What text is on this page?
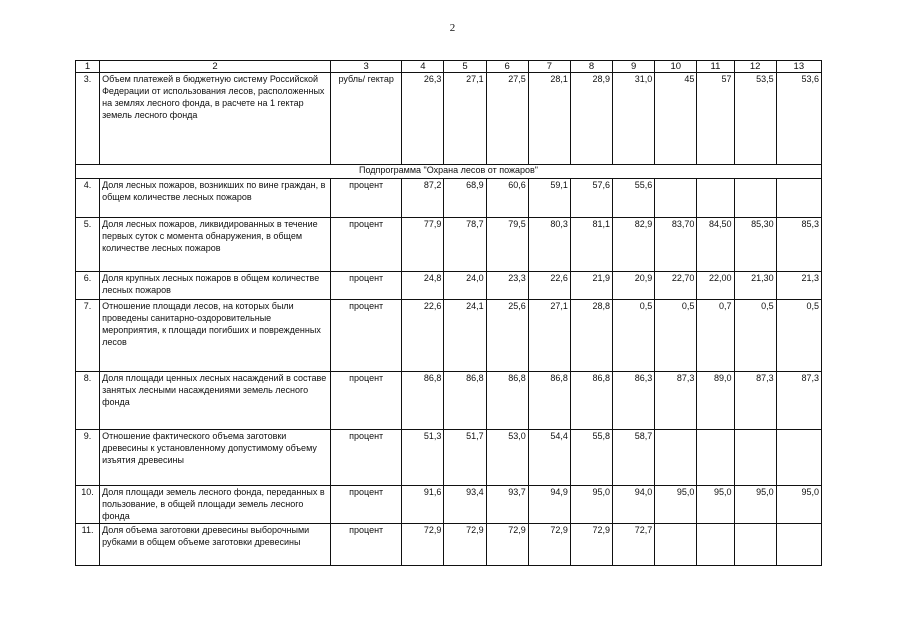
2
1	2	3	4	5	6	7	8	9	10	11	12	13
3.	Объем платежей в бюджетную систему Российской Федерации от использования лесов, расположенных на землях лесного фонда, в расчете на 1 гектар земель лесного фонда	рубль/ гектар	26,3	27,1	27,5	28,1	28,9	31,0	45	57	53,5	53,6
Подпрограмма "Охрана лесов от пожаров"												
4.	Доля лесных пожаров, возникших по вине граждан, в общем количестве лесных пожаров	процент	87,2	68,9	60,6	59,1	57,6	55,6				
5.	Доля лесных пожаров, ликвидированных в течение первых суток с момента обнаружения, в общем количестве лесных пожаров	процент	77,9	78,7	79,5	80,3	81,1	82,9	83,70	84,50	85,30	85,3
6.	Доля крупных лесных пожаров в общем количестве лесных пожаров	процент	24,8	24,0	23,3	22,6	21,9	20,9	22,70	22,00	21,30	21,3
7.	Отношение площади лесов, на которых были проведены санитарно-оздоровительные мероприятия, к площади погибших и поврежденных лесов	процент	22,6	24,1	25,6	27,1	28,8	0,5	0,5	0,7	0,5	0,5
8.	Доля площади ценных лесных насаждений в составе занятых лесными насаждениями земель лесного фонда	процент	86,8	86,8	86,8	86,8	86,8	86,3	87,3	89,0	87,3	87,3
9.	Отношение фактического объема заготовки древесины к установленному допустимому объему изъятия древесины	процент	51,3	51,7	53,0	54,4	55,8	58,7				
10.	Доля площади земель лесного фонда, переданных в пользование, в общей площади земель лесного фонда	процент	91,6	93,4	93,7	94,9	95,0	94,0	95,0	95,0	95,0	95,0
11.	Доля объема заготовки древесины выборочными рубками в общем объеме заготовки древесины	процент	72,9	72,9	72,9	72,9	72,9	72,7				
